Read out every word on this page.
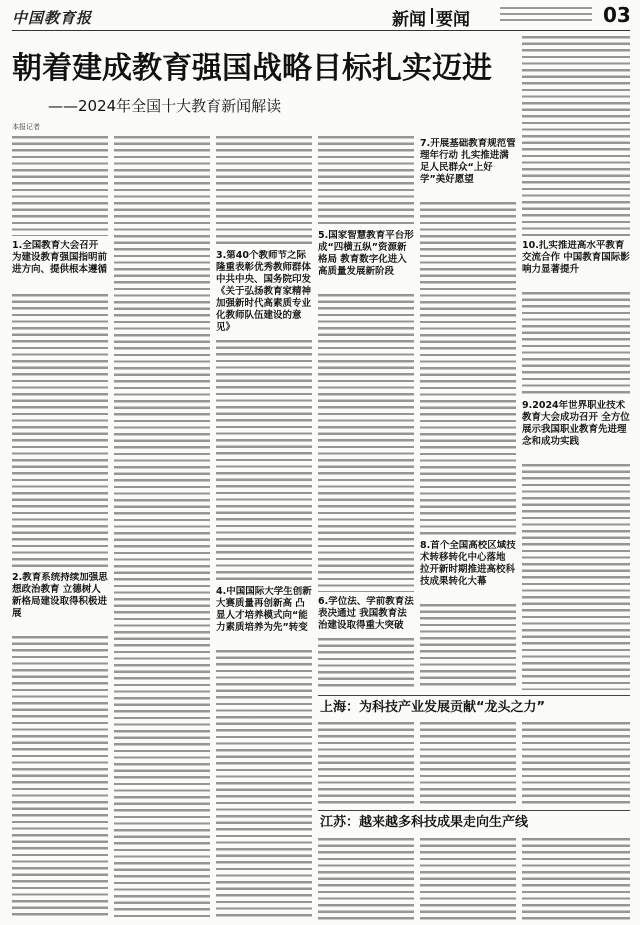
中国教育报	新闻 要闻	03
朝着建成教育强国战略目标扎实迈进
——2024年全国十大教育新闻解读
本报记者
1.全国教育大会召开 为建设教育强国指明前进方向、提供根本遵循
2.教育系统持续加强思想政治教育 立德树人新格局建设取得积极进展
3.第40个教师节之际隆重表彰优秀教师群体 中共中央、国务院印发《关于弘扬教育家精神加强新时代高素质专业化教师队伍建设的意见》
4.中国国际大学生创新大赛质量再创新高 凸显人才培养模式向“能力素质培养为先”转变
5.国家智慧教育平台形成“四横五纵”资源新格局 教育数字化进入高质量发展新阶段
6.学位法、学前教育法表决通过 我国教育法治建设取得重大突破
7.开展基础教育规范管理年行动 扎实推进满足人民群众“上好学”美好愿望
8.首个全国高校区域技术转移转化中心落地 拉开新时期推进高校科技成果转化大幕
10.扎实推进高水平教育交流合作 中国教育国际影响力显著提升
9.2024年世界职业技术教育大会成功召开 全方位展示我国职业教育先进理念和成功实践
上海：为科技产业发展贡献“龙头之力”
江苏：越来越多科技成果走向生产线
